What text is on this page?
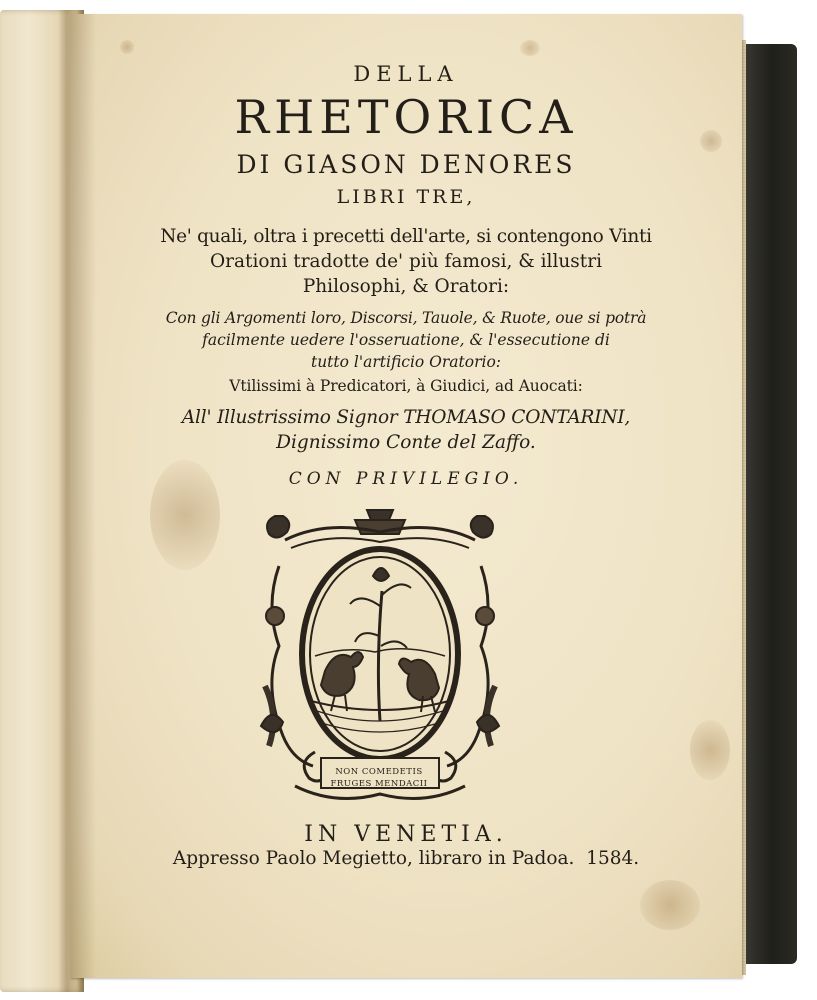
DELLA
RHETORICA
DI GIASON DENORES
LIBRI TRE,
Ne' quali, oltra i precetti dell'arte, si contengono Vinti
Orationi tradotte de' più famosi, & illustri
Philosophi, & Oratori:
Con gli Argomenti loro, Discorsi, Tauole, & Ruote, oue si potrà
facilmente uedere l'osseruatione, & l'essecutione di
tutto l'artificio Oratorio:
Vtilissimi à Predicatori, à Giudici, ad Auocati:
All' Illustrissimo Signor THOMASO CONTARINI,
Dignissimo Conte del Zaffo.
CON PRIVILEGIO.
NON COMEDETIS
FRUGES MENDACII
IN VENETIA.
Appresso Paolo Megietto, libraro in Padoa. 1584.
